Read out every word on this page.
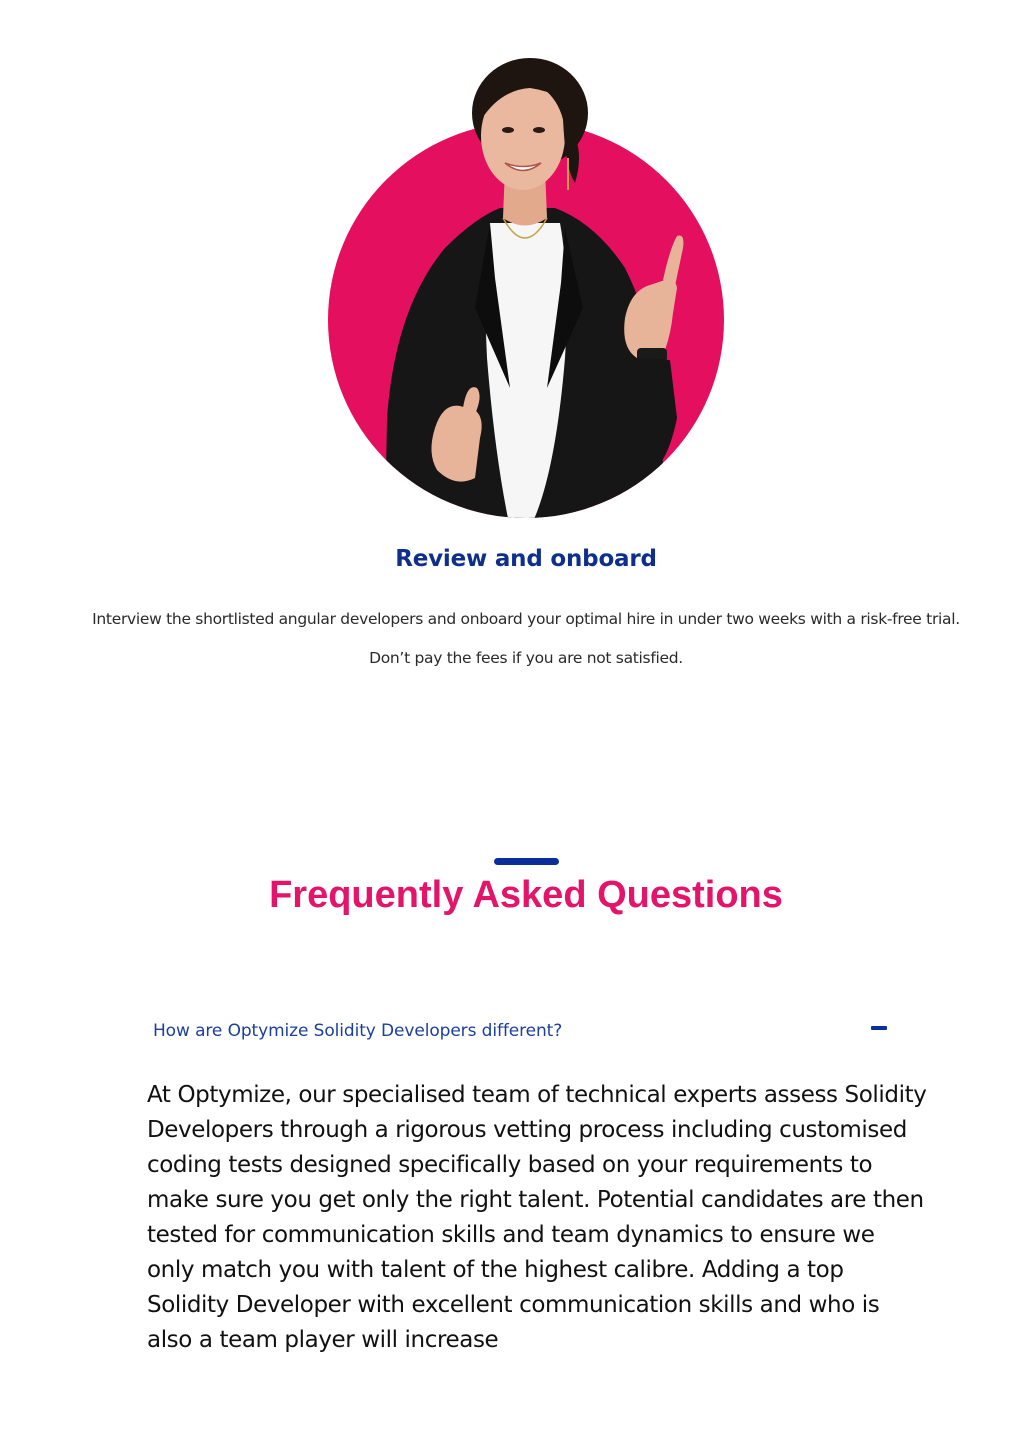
Review and onboard
Interview the shortlisted angular developers and onboard your optimal hire in under two weeks with a risk-free trial. Don’t pay the fees if you are not satisfied.
Frequently Asked Questions
How are Optymize Solidity Developers different?
At Optymize, our specialised team of technical experts assess Solidity Developers through a rigorous vetting process including customised coding tests designed specifically based on your requirements to make sure you get only the right talent. Potential candidates are then tested for communication skills and team dynamics to ensure we only match you with talent of the highest calibre. Adding a top Solidity Developer with excellent communication skills and who is also a team player will increase
